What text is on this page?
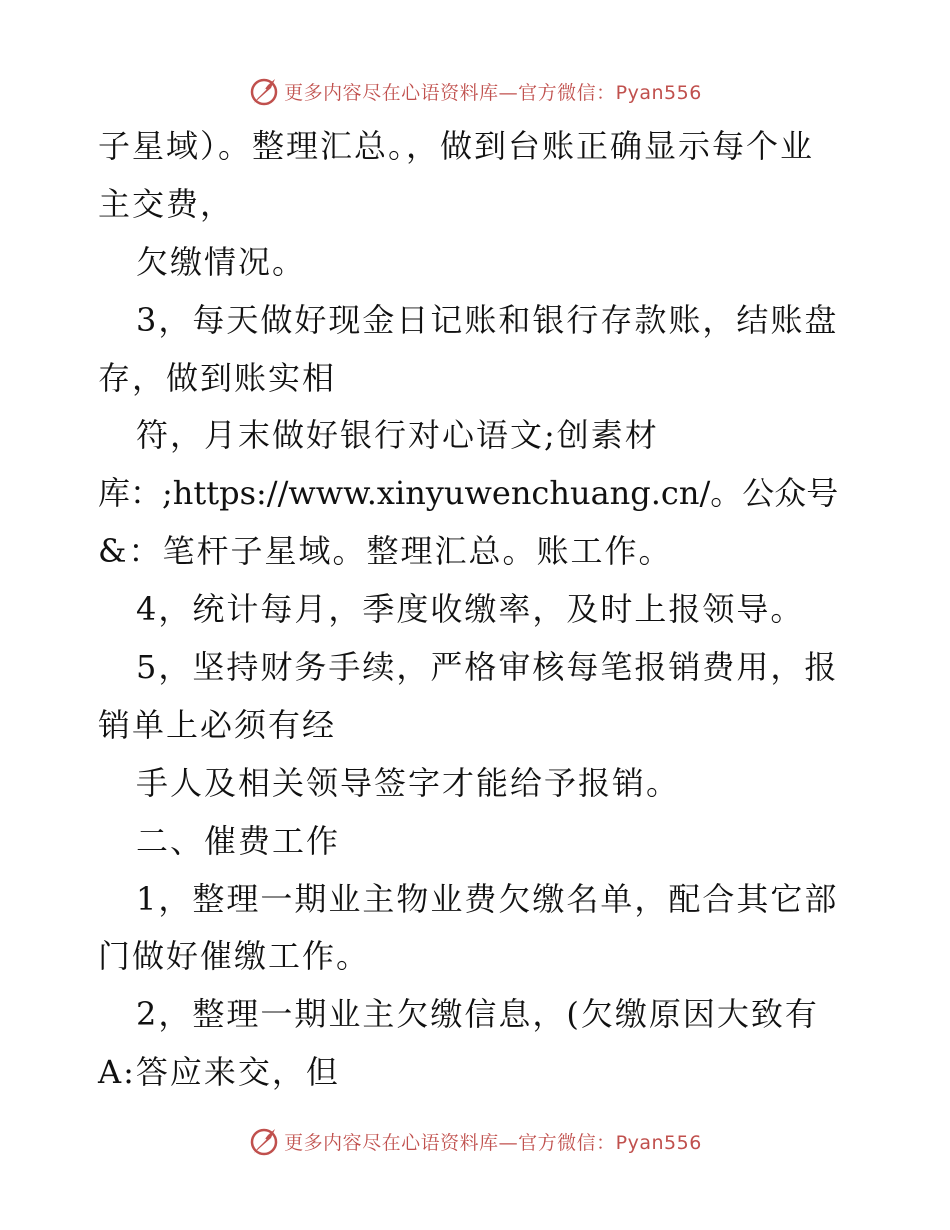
更多内容尽在心语资料库—官方微信：Pyan556
子星域）。整理汇总。，做到台账正确显示每个业
主交费，
欠缴情况。
3，每天做好现金日记账和银行存款账，结账盘
存，做到账实相
符，月末做好银行对心语文;创素材
库：;https://www.xinyuwenchuang.cn/。公众号
&：笔杆子星域。整理汇总。账工作。
4，统计每月，季度收缴率，及时上报领导。
5，坚持财务手续，严格审核每笔报销费用，报
销单上必须有经
手人及相关领导签字才能给予报销。
二、催费工作
1，整理一期业主物业费欠缴名单，配合其它部
门做好催缴工作。
2，整理一期业主欠缴信息，(欠缴原因大致有
A:答应来交，但
更多内容尽在心语资料库—官方微信：Pyan556
